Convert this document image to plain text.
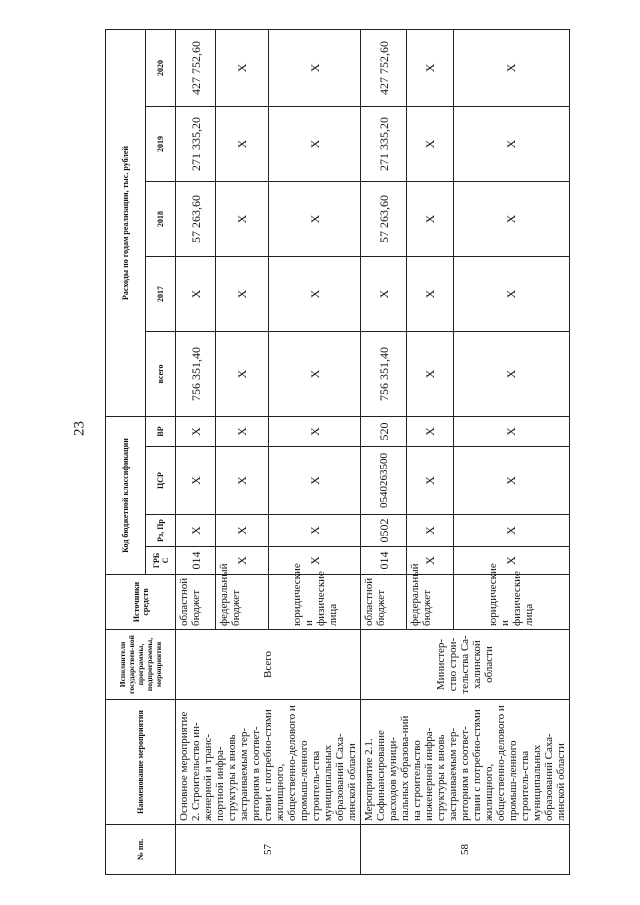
23
№ пп.	Наименование мероприятия	Исполнители государствен-ной программы, подпрограммы, мероприятия	Источники средств	Код бюджетной классификации				Расходы по годам реализации, тыс. рублей				
				ГРБ С	Рз, Пр	ЦСР	ВР	всего	2017	2018	2019	2020
57	Основное мероприятие 2. Строительство ин-женерной и транс-портной инфра-структуры к вновь застраиваемым тер-риториям в соответ-ствии с потребно-стями жилищного, общественно-делового и промыш-ленного строитель-ства муниципальных образований Саха-линской области	Всего	областной бюджет	014	Х	Х	Х	756 351,40	Х	57 263,60	271 335,20	427 752,60
			федеральный бюджет	Х	Х	Х	Х	Х	Х	Х	Х	Х
			юридические и физические лица	Х	Х	Х	Х	Х	Х	Х	Х	Х
58	Мероприятие 2.1. Софинансирование расходов муници-пальных образова-ний на строительство инженерной инфра-структуры к вновь застраиваемым тер-риториям в соответ-ствии с потребно-стями жилищного, общественно-делового и промыш-ленного строитель-ства муниципальных образований Саха-линской области	Министер-ство строи-тельства Са-халинской области	областной бюджет	014	0502	0540263500	520	756 351,40	Х	57 263,60	271 335,20	427 752,60
			федеральный бюджет	Х	Х	Х	Х	Х	Х	Х	Х	Х
			юридические и физические лица	Х	Х	Х	Х	Х	Х	Х	Х	Х
